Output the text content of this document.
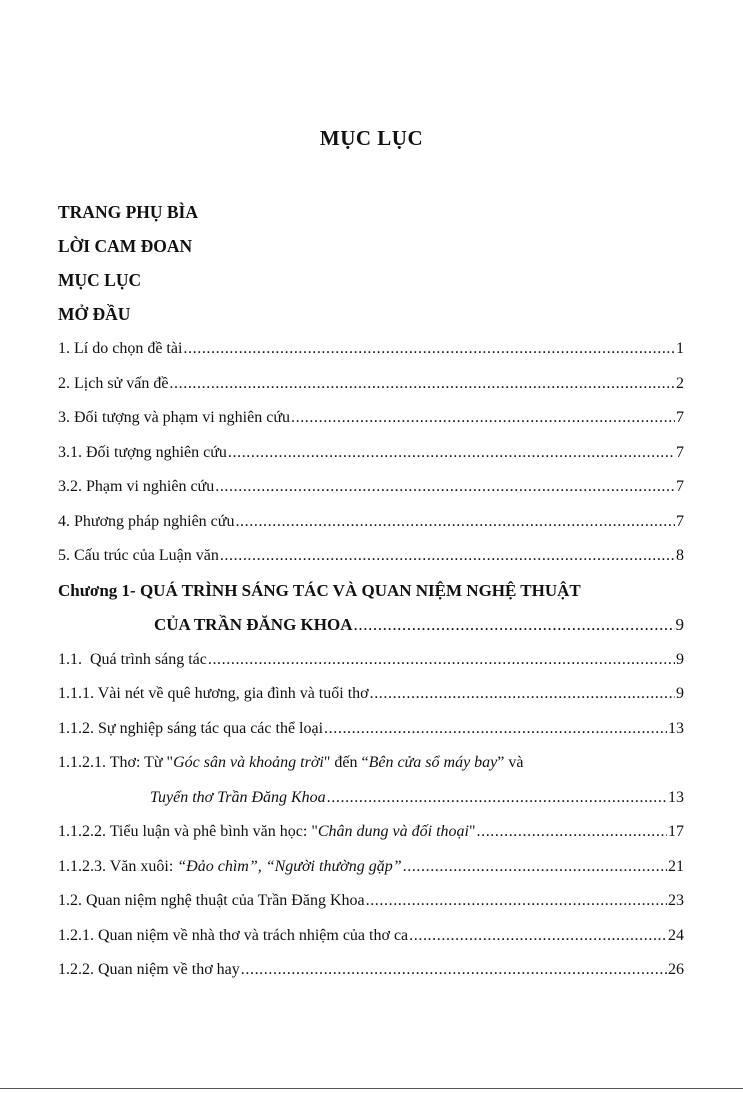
MỤC LỤC
TRANG PHỤ BÌA
LỜI CAM ĐOAN
MỤC LỤC
MỞ ĐẦU
1. Lí do chọn đề tài .....	1
2. Lịch sử vấn đề .....	2
3. Đối tượng và phạm vi nghiên cứu .....	7
3.1. Đối tượng nghiên cứu .....	7
3.2. Phạm vi nghiên cứu .....	7
4. Phương pháp nghiên cứu .....	7
5. Cấu trúc của Luận văn .....	8
Chương 1- QUÁ TRÌNH SÁNG TÁC VÀ QUAN NIỆM NGHỆ THUẬT
CỦA TRẦN ĐĂNG KHOA .....	9
1.1. Quá trình sáng tác .....	9
1.1.1. Vài nét về quê hương, gia đình và tuổi thơ .....	9
1.1.2. Sự nghiệp sáng tác qua các thể loại .....	13
1.1.2.1. Thơ: Từ "Góc sân và khoảng trời" đến “Bên cửa sổ máy bay” và
Tuyển thơ Trần Đăng Khoa .....	13
1.1.2.2. Tiểu luận và phê bình văn học: "Chân dung và đối thoại" .....	17
1.1.2.3. Văn xuôi: “Đảo chìm”, “Người thường gặp” .....	21
1.2. Quan niệm nghệ thuật của Trần Đăng Khoa .....	23
1.2.1. Quan niệm về nhà thơ và trách nhiệm của thơ ca .....	24
1.2.2. Quan niệm về thơ hay .....	26
